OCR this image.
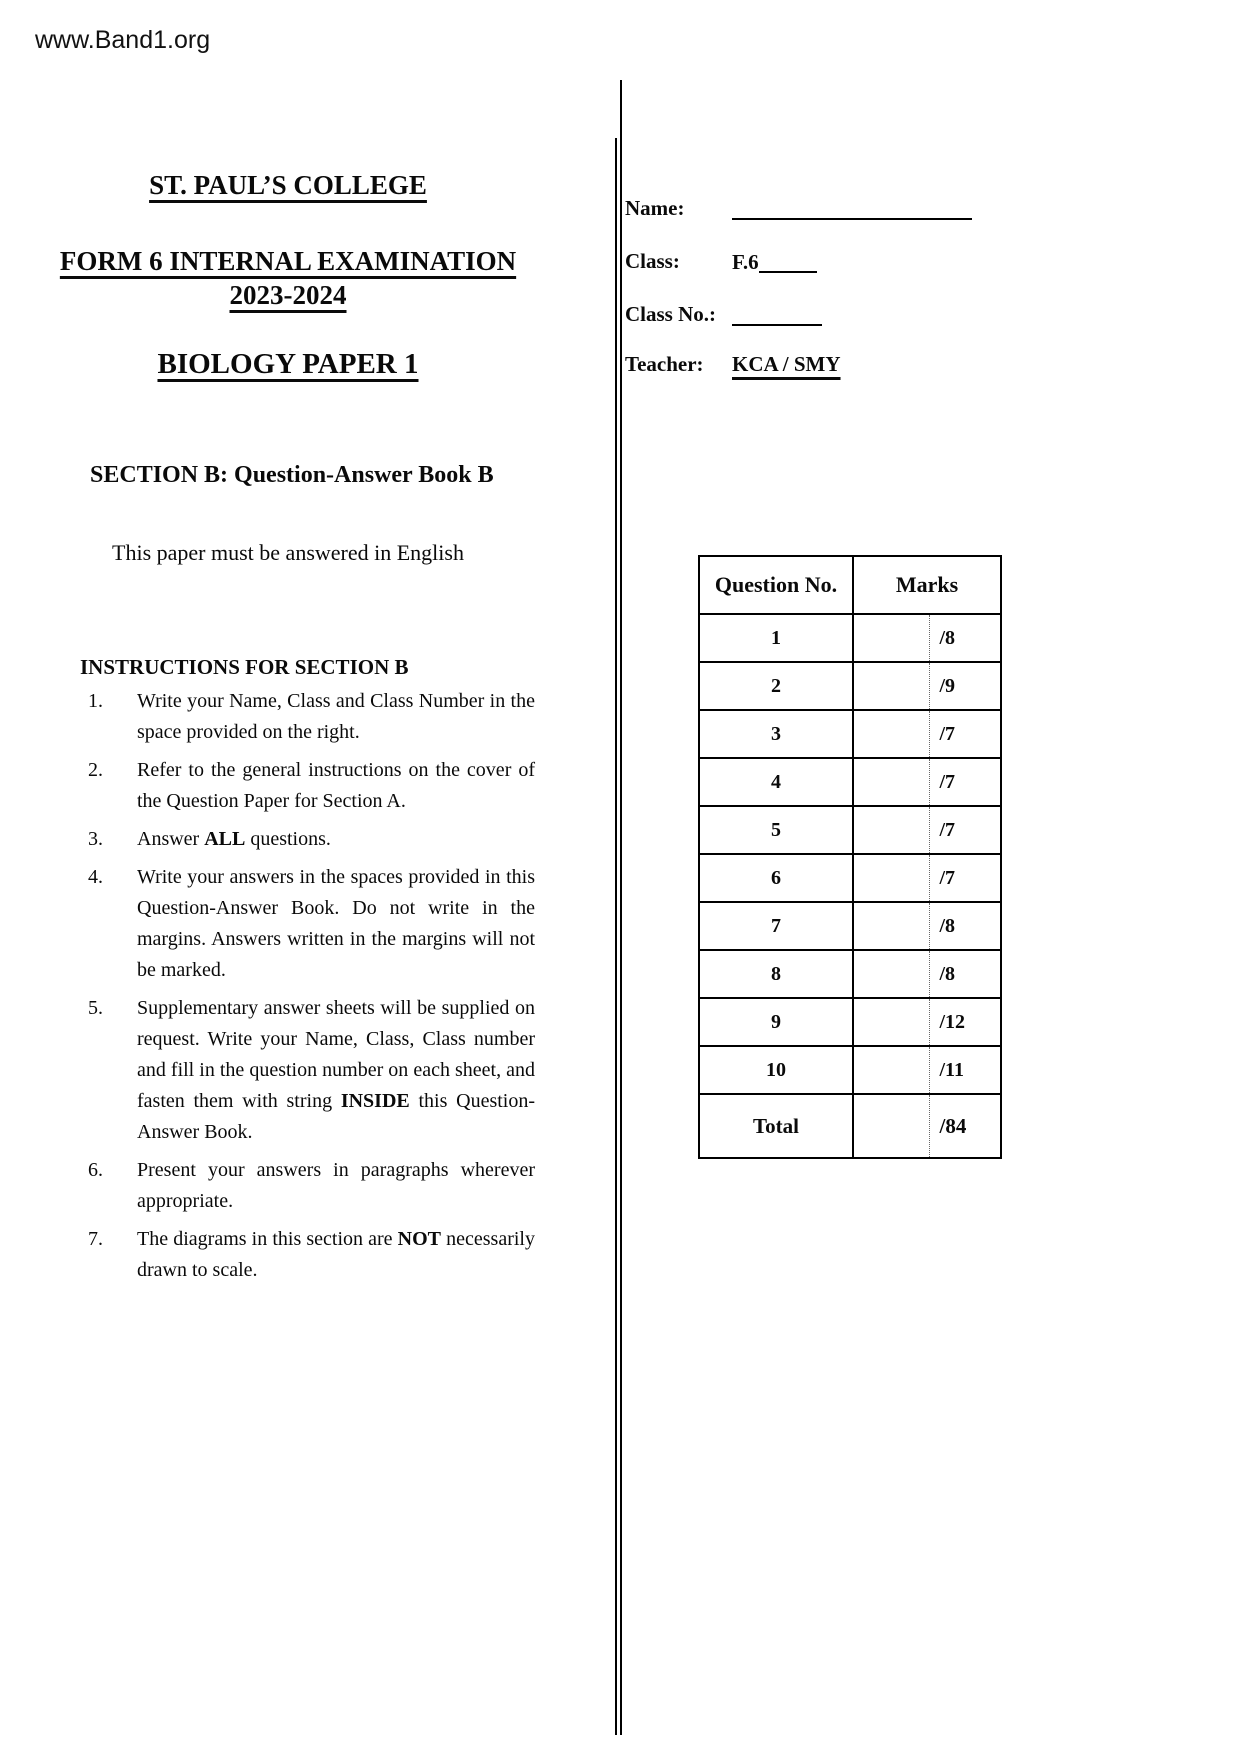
www.Band1.org
ST. PAUL’S COLLEGE
FORM 6 INTERNAL EXAMINATION
2023-2024
BIOLOGY PAPER 1
Name:
Class: F.6
Class No.:
Teacher: KCA / SMY
SECTION B: Question-Answer Book B
This paper must be answered in English
INSTRUCTIONS FOR SECTION B
1. Write your Name, Class and Class Number in the space provided on the right.
2. Refer to the general instructions on the cover of the Question Paper for Section A.
3. Answer ALL questions.
4. Write your answers in the spaces provided in this Question-Answer Book. Do not write in the margins. Answers written in the margins will not be marked.
5. Supplementary answer sheets will be supplied on request. Write your Name, Class, Class number and fill in the question number on each sheet, and fasten them with string INSIDE this Question-Answer Book.
6. Present your answers in paragraphs wherever appropriate.
7. The diagrams in this section are NOT necessarily drawn to scale.
Question No.	Marks	
1		/8
2		/9
3		/7
4		/7
5		/7
6		/7
7		/8
8		/8
9		/12
10		/11
Total		/84
